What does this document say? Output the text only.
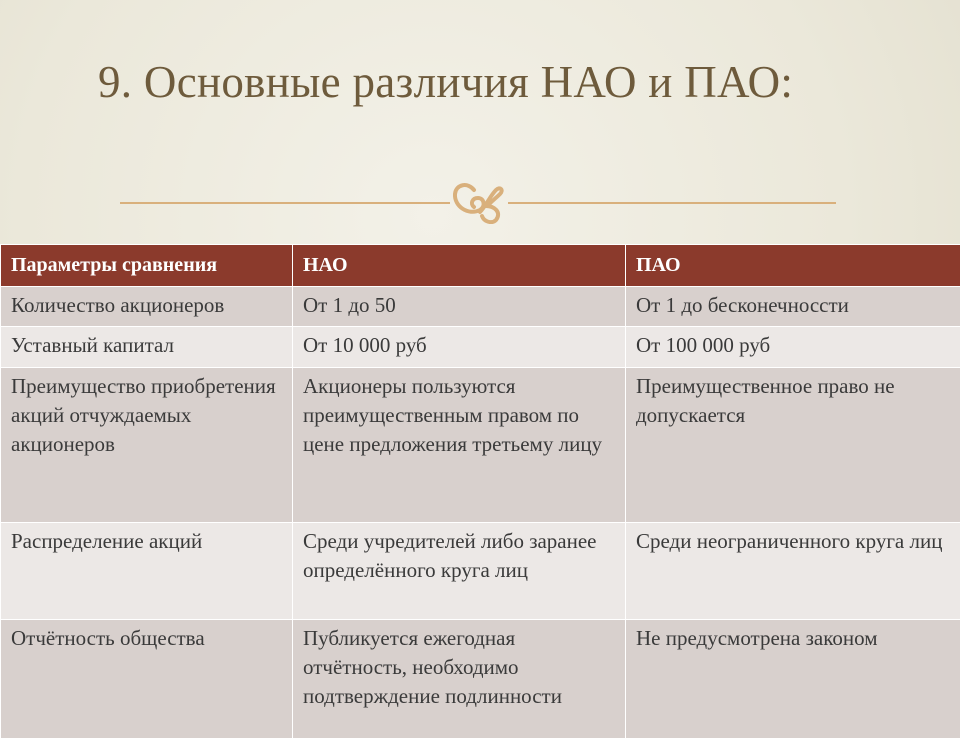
9. Основные различия НАО и ПАО:
Параметры сравнения	НАО	ПАО
Количество акционеров	От 1 до 50	От 1 до бесконечносcти
Уставный капитал	От 10 000 руб	От 100 000 руб
Преимущество приобретения акций отчуждаемых акционеров	Акционеры пользуются преимущественным правом по цене предложения третьему лицу	Преимущественное право не допускается
Распределение акций	Среди учредителей либо заранее определённого круга лиц	Среди неограниченного круга лиц
Отчётность общества	Публикуется ежегодная отчётность, необходимо подтверждение подлинности	Не предусмотрена законом
